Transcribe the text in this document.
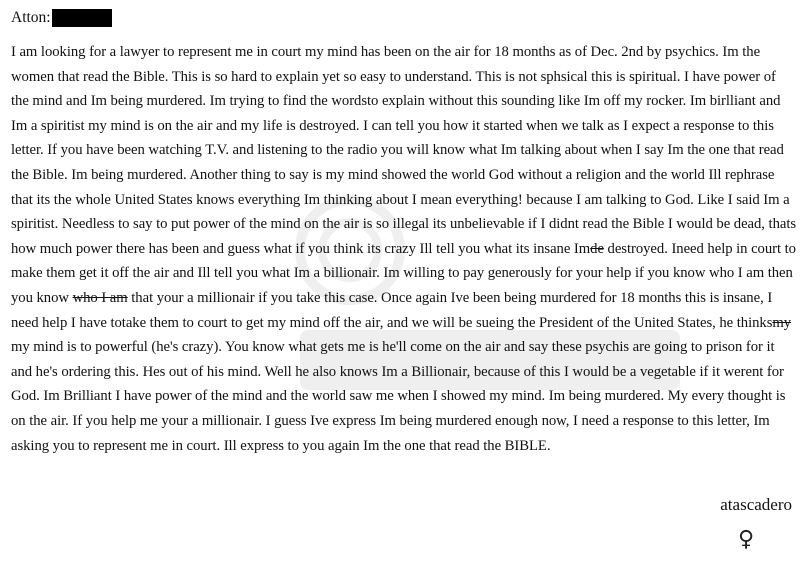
Atton:
I am looking for a lawyer to represent me in court my mind has been on the air for 18 months as of Dec. 2nd by psychics. Im the women that read the Bible. This is so hard to explain yet so easy to understand. This is not sphsical this is spiritual. I have power of the mind and Im being murdered. Im trying to find the wordsto explain without this sounding like Im off my rocker. Im birlliant and Im a spiritist my mind is on the air and my life is destroyed. I can tell you how it started when we talk as I expect a response to this letter. If you have been watching T.V. and listening to the radio you will know what Im talking about when I say Im the one that read the Bible. Im being murdered. Another thing to say is my mind showed the world God without a religion and the world Ill rephrase that its the whole United States knows everything Im thinking about I mean everything! because I am talking to God. Like I said Im a spiritist. Needless to say to put power of the mind on the air is so illegal its unbelievable if I didnt read the Bible I would be dead, thats how much power there has been and guess what if you think its crazy Ill tell you what its insane Imde destroyed. Ineed help in court to make them get it off the air and Ill tell you what Im a billionair. Im willing to pay generously for your help if you know who I am then you know who I am that your a millionair if you take this case. Once again Ive been being murdered for 18 months this is insane, I need help I have totake them to court to get my mind off the air, and we will be sueing the President of the United States, he thinksmy my mind is to powerful (he's crazy). You know what gets me is he'll come on the air and say these psychis are going to prison for it and he's ordering this. Hes out of his mind. Well he also knows Im a Billionair, because of this I would be a vegetable if it werent for God. Im Brilliant I have power of the mind and the world saw me when I showed my mind. Im being murdered. My every thought is on the air. If you help me your a millionair. I guess Ive express Im being murdered enough now, I need a response to this letter, Im asking you to represent me in court. Ill express to you again Im the one that read the BIBLE.
atascadero
♀
